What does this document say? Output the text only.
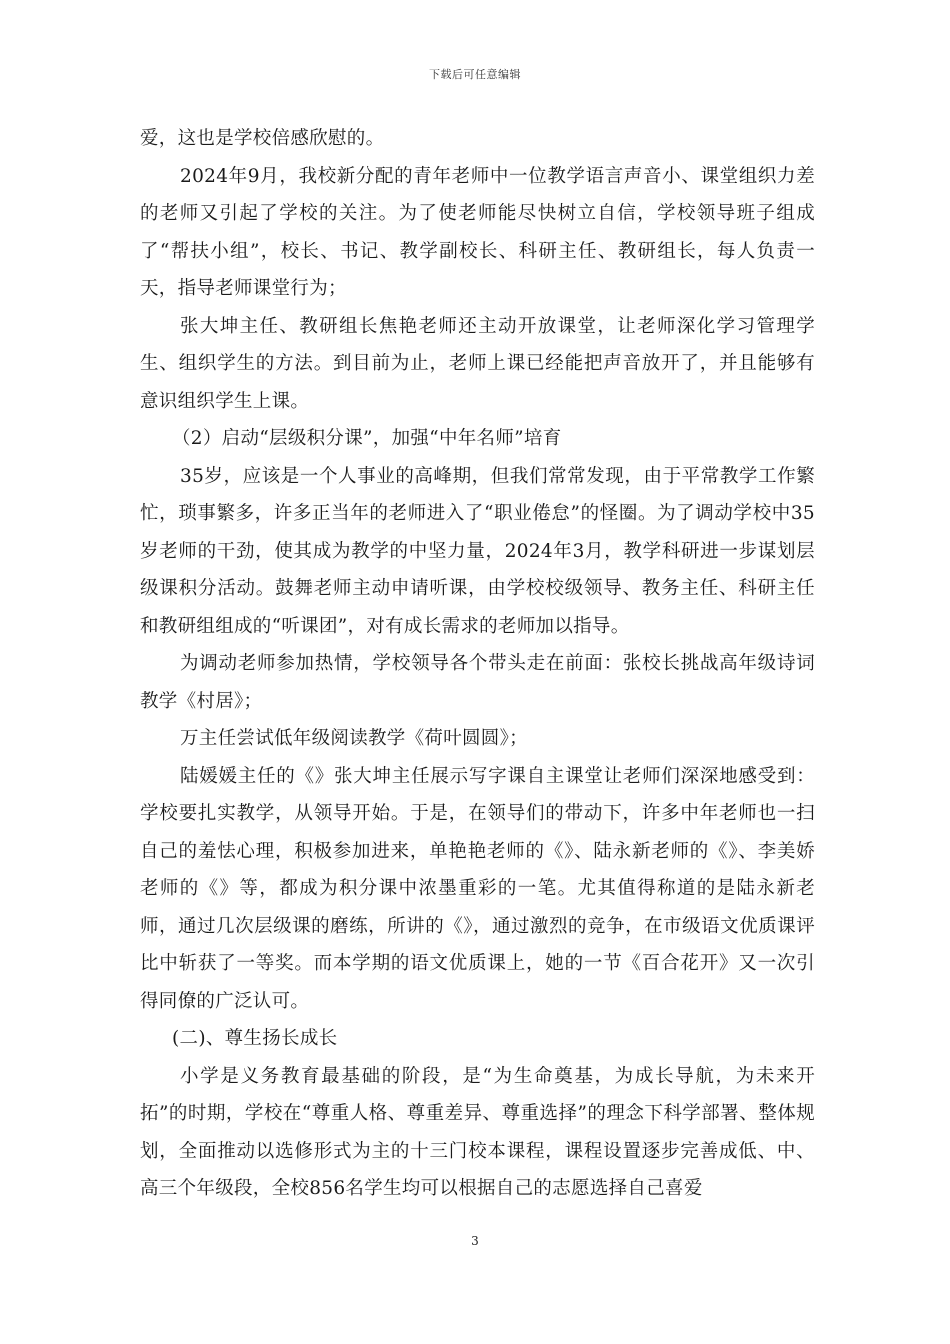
下载后可任意编辑

爱，这也是学校倍感欣慰的。

2024年9月，我校新分配的青年老师中一位教学语言声音小、课堂组织力差的老师又引起了学校的关注。为了使老师能尽快树立自信，学校领导班子组成了“帮扶小组”，校长、书记、教学副校长、科研主任、教研组长，每人负责一天，指导老师课堂行为；

张大坤主任、教研组长焦艳老师还主动开放课堂，让老师深化学习管理学生、组织学生的方法。到目前为止，老师上课已经能把声音放开了，并且能够有意识组织学生上课。

（2）启动“层级积分课”，加强“中年名师”培育

35岁，应该是一个人事业的高峰期，但我们常常发现，由于平常教学工作繁忙，琐事繁多，许多正当年的老师进入了“职业倦怠”的怪圈。为了调动学校中35岁老师的干劲，使其成为教学的中坚力量，2024年3月，教学科研进一步谋划层级课积分活动。鼓舞老师主动申请听课，由学校校级领导、教务主任、科研主任和教研组组成的“听课团”，对有成长需求的老师加以指导。

为调动老师参加热情，学校领导各个带头走在前面：张校长挑战高年级诗词教学《村居》；

万主任尝试低年级阅读教学《荷叶圆圆》；

陆媛媛主任的《》张大坤主任展示写字课自主课堂让老师们深深地感受到：学校要扎实教学，从领导开始。于是，在领导们的带动下，许多中年老师也一扫自己的羞怯心理，积极参加进来，单艳艳老师的《》、陆永新老师的《》、李美娇老师的《》等，都成为积分课中浓墨重彩的一笔。尤其值得称道的是陆永新老师，通过几次层级课的磨练，所讲的《》，通过激烈的竞争，在市级语文优质课评比中斩获了一等奖。而本学期的语文优质课上，她的一节《百合花开》又一次引得同僚的广泛认可。

(二)、尊生扬长成长

小学是义务教育最基础的阶段，是“为生命奠基，为成长导航，为未来开拓”的时期，学校在“尊重人格、尊重差异、尊重选择”的理念下科学部署、整体规划，全面推动以选修形式为主的十三门校本课程，课程设置逐步完善成低、中、高三个年级段，全校856名学生均可以根据自己的志愿选择自己喜爱

3
